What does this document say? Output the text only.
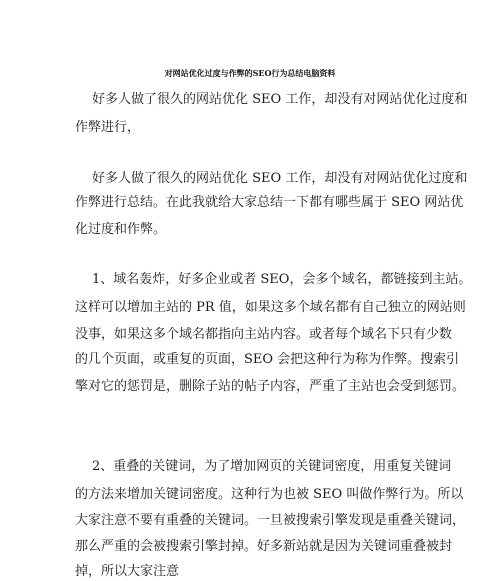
对网站优化过度与作弊的SEO行为总结电脑资料
好多人做了很久的网站优化 SEO 工作，却没有对网站优化过度和
作弊进行，
好多人做了很久的网站优化 SEO 工作，却没有对网站优化过度和
作弊进行总结。在此我就给大家总结一下都有哪些属于 SEO 网站优
化过度和作弊。
1、域名轰炸，好多企业或者 SEO，会多个域名，都链接到主站。
这样可以增加主站的 PR 值，如果这多个域名都有自己独立的网站则
没事，如果这多个域名都指向主站内容。或者每个域名下只有少数
的几个页面，或重复的页面，SEO 会把这种行为称为作弊。搜索引
擎对它的惩罚是，删除子站的帖子内容，严重了主站也会受到惩罚。
2、重叠的关键词，为了增加网页的关键词密度，用重复关键词
的方法来增加关键词密度。这种行为也被 SEO 叫做作弊行为。所以
大家注意不要有重叠的关键词。一旦被搜索引擎发现是重叠关键词，
那么严重的会被搜索引擎封掉。好多新站就是因为关键词重叠被封
掉，所以大家注意
